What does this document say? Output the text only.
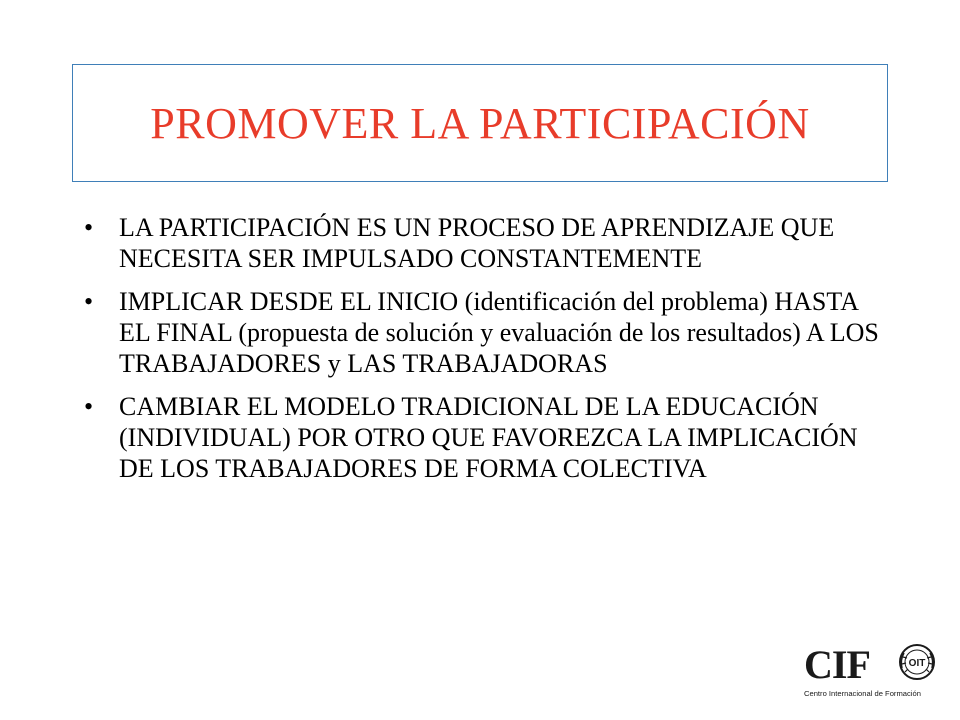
PROMOVER LA PARTICIPACIÓN
• LA PARTICIPACIÓN ES UN PROCESO DE APRENDIZAJE QUE NECESITA SER IMPULSADO CONSTANTEMENTE
• IMPLICAR DESDE EL INICIO (identificación del problema) HASTA EL FINAL (propuesta de solución y evaluación de los resultados) A LOS TRABAJADORES y LAS TRABAJADORAS
• CAMBIAR EL MODELO TRADICIONAL DE LA EDUCACIÓN (INDIVIDUAL) POR OTRO QUE FAVOREZCA LA IMPLICACIÓN DE LOS TRABAJADORES DE FORMA COLECTIVA
CIF	OIT
Centro Internacional de Formación
